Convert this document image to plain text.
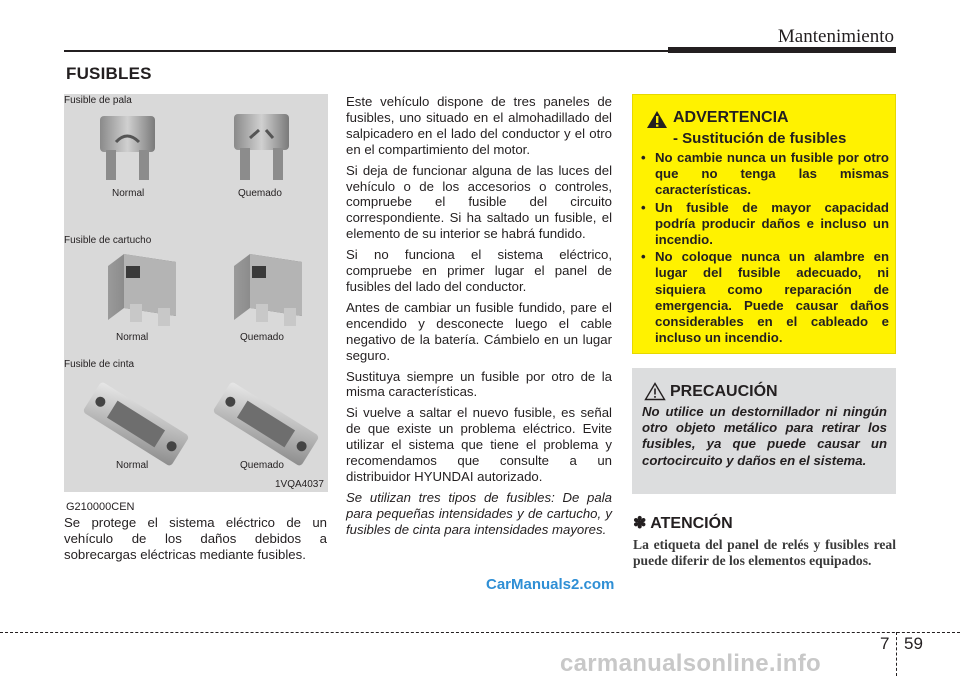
Mantenimiento
FUSIBLES
Fusible de pala
Normal	Quemado
Fusible de cartucho
Normal	Quemado
Fusible de cinta
Normal	Quemado
1VQA4037
G210000CEN

Se protege el sistema eléctrico de un vehículo de los daños debidos a sobrecargas eléctricas mediante fusibles.

Este vehículo dispone de tres paneles de fusibles, uno situado en el almohadillado del salpicadero en el lado del conductor y el otro en el compartimiento del motor.

Si deja de funcionar alguna de las luces del vehículo o de los accesorios o controles, compruebe el fusible del circuito correspondiente. Si ha saltado un fusible, el elemento de su interior se habrá fundido.

Si no funciona el sistema eléctrico, compruebe en primer lugar el panel de fusibles del lado del conductor.

Antes de cambiar un fusible fundido, pare el encendido y desconecte luego el cable negativo de la batería. Cámbielo en un lugar seguro.

Sustituya siempre un fusible por otro de la misma características.

Si vuelve a saltar el nuevo fusible, es señal de que existe un problema eléctrico. Evite utilizar el sistema que tiene el problema y recomendamos que consulte a un distribuidor HYUNDAI autorizado.

Se utilizan tres tipos de fusibles: De pala para pequeñas intensidades y de cartucho, y fusibles de cinta para intensidades mayores.

ADVERTENCIA
- Sustitución de fusibles
• No cambie nunca un fusible por otro que no tenga las mismas características.
• Un fusible de mayor capacidad podría producir daños e incluso un incendio.
• No coloque nunca un alambre en lugar del fusible adecuado, ni siquiera como reparación de emergencia. Puede causar daños considerables en el cableado e incluso un incendio.
PRECAUCIÓN
No utilice un destornillador ni ningún otro objeto metálico para retirar los fusibles, ya que puede causar un cortocircuito y daños en el sistema.
✽ ATENCIÓN
La etiqueta del panel de relés y fusibles real puede diferir de los elementos equipados.
CarManuals2.com
7 59
carmanualsonline.info
